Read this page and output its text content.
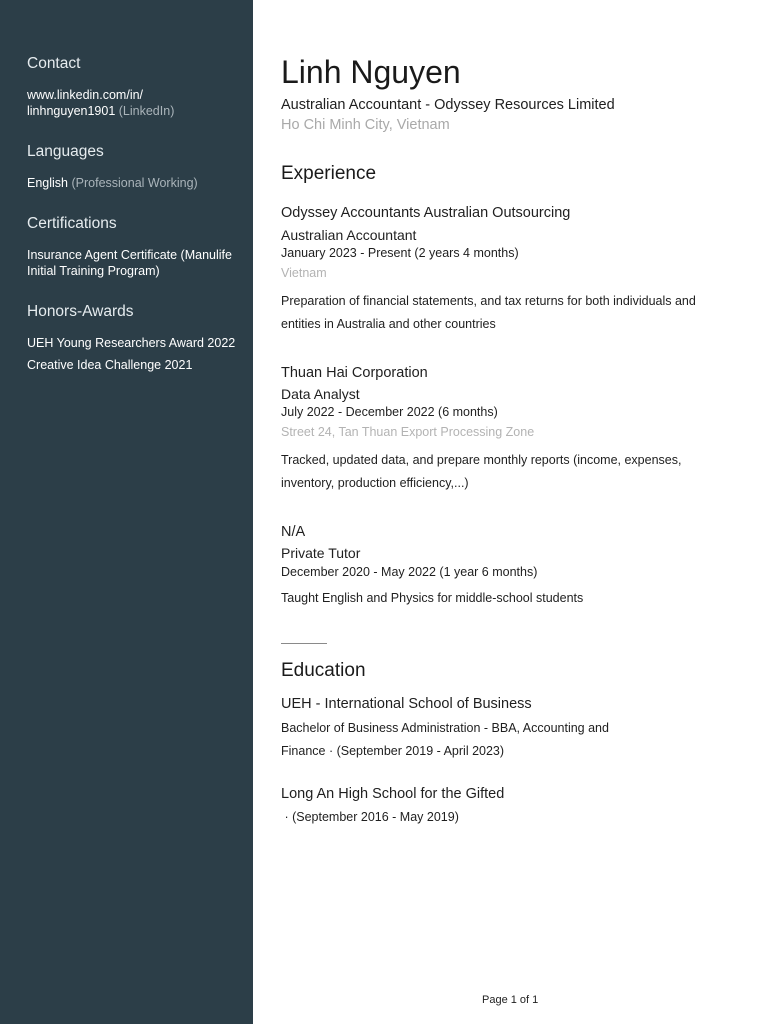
Contact
www.linkedin.com/in/
linhnguyen1901 (LinkedIn)
Languages
English (Professional Working)
Certifications
Insurance Agent Certificate (Manulife Initial Training Program)
Honors-Awards
UEH Young Researchers Award 2022
Creative Idea Challenge 2021
Linh Nguyen
Australian Accountant - Odyssey Resources Limited
Ho Chi Minh City, Vietnam
Experience
Odyssey Accountants Australian Outsourcing
Australian Accountant
January 2023 - Present (2 years 4 months)
Vietnam
Preparation of financial statements, and tax returns for both individuals and entities in Australia and other countries
Thuan Hai Corporation
Data Analyst
July 2022 - December 2022 (6 months)
Street 24, Tan Thuan Export Processing Zone
Tracked, updated data, and prepare monthly reports (income, expenses, inventory, production efficiency,...)
N/A
Private Tutor
December 2020 - May 2022 (1 year 6 months)
Taught English and Physics for middle-school students
Education
UEH - International School of Business
Bachelor of Business Administration - BBA, Accounting and Finance · (September 2019 - April 2023)
Long An High School for the Gifted
· (September 2016 - May 2019)
Page 1 of 1
